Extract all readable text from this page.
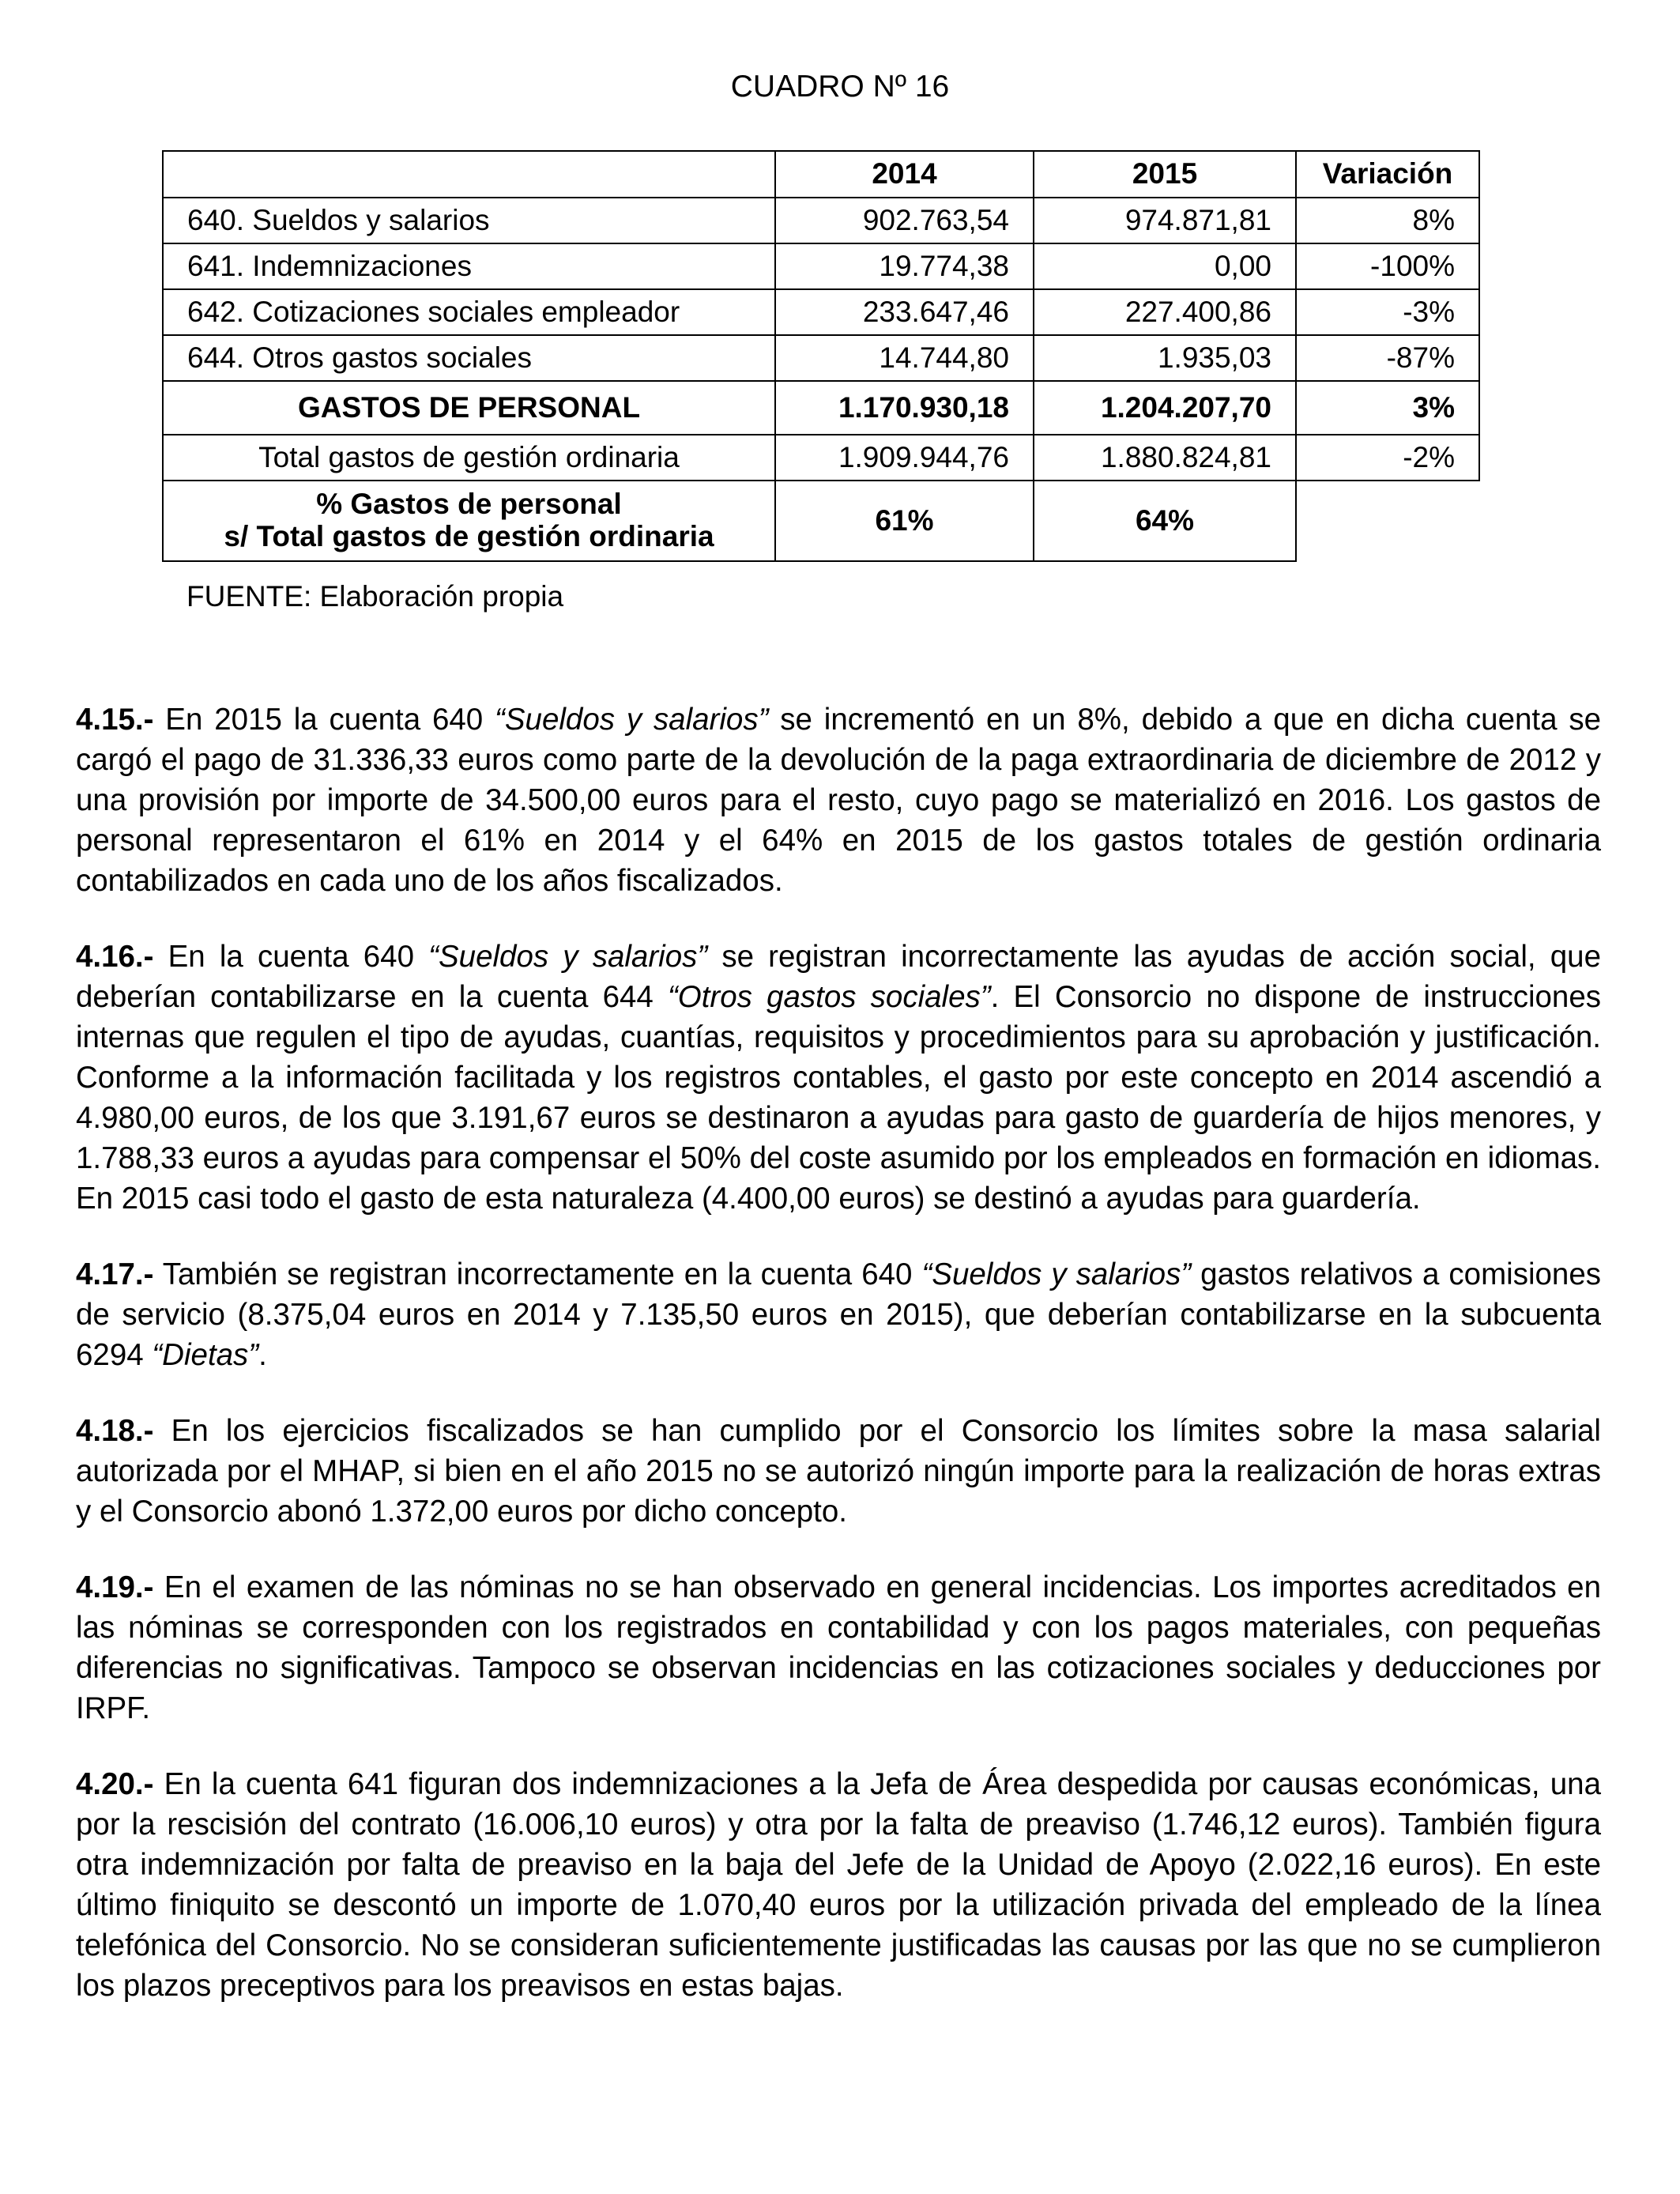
CUADRO Nº 16
	2014	2015	Variación
640. Sueldos y salarios	902.763,54	974.871,81	8%
641. Indemnizaciones	19.774,38	0,00	-100%
642. Cotizaciones sociales empleador	233.647,46	227.400,86	-3%
644. Otros gastos sociales	14.744,80	1.935,03	-87%
GASTOS DE PERSONAL	1.170.930,18	1.204.207,70	3%
Total gastos de gestión ordinaria	1.909.944,76	1.880.824,81	-2%

% Gastos de personal
s/ Total gastos de gestión ordinaria	61%	64%	
FUENTE: Elaboración propia

4.15.- En 2015 la cuenta 640 “Sueldos y salarios” se incrementó en un 8%, debido a que en dicha cuenta se cargó el pago de 31.336,33 euros como parte de la devolución de la paga extraordinaria de diciembre de 2012 y una provisión por importe de 34.500,00 euros para el resto, cuyo pago se materializó en 2016. Los gastos de personal representaron el 61% en 2014 y el 64% en 2015 de los gastos totales de gestión ordinaria contabilizados en cada uno de los años fiscalizados.

4.16.- En la cuenta 640 “Sueldos y salarios” se registran incorrectamente las ayudas de acción social, que deberían contabilizarse en la cuenta 644 “Otros gastos sociales”. El Consorcio no dispone de instrucciones internas que regulen el tipo de ayudas, cuantías, requisitos y procedimientos para su aprobación y justificación. Conforme a la información facilitada y los registros contables, el gasto por este concepto en 2014 ascendió a 4.980,00 euros, de los que 3.191,67 euros se destinaron a ayudas para gasto de guardería de hijos menores, y 1.788,33 euros a ayudas para compensar el 50% del coste asumido por los empleados en formación en idiomas. En 2015 casi todo el gasto de esta naturaleza (4.400,00 euros) se destinó a ayudas para guardería.

4.17.- También se registran incorrectamente en la cuenta 640 “Sueldos y salarios” gastos relativos a comisiones de servicio (8.375,04 euros en 2014 y 7.135,50 euros en 2015), que deberían contabilizarse en la subcuenta 6294 “Dietas”.

4.18.- En los ejercicios fiscalizados se han cumplido por el Consorcio los límites sobre la masa salarial autorizada por el MHAP, si bien en el año 2015 no se autorizó ningún importe para la realización de horas extras y el Consorcio abonó 1.372,00 euros por dicho concepto.

4.19.- En el examen de las nóminas no se han observado en general incidencias. Los importes acreditados en las nóminas se corresponden con los registrados en contabilidad y con los pagos materiales, con pequeñas diferencias no significativas. Tampoco se observan incidencias en las cotizaciones sociales y deducciones por IRPF.

4.20.- En la cuenta 641 figuran dos indemnizaciones a la Jefa de Área despedida por causas económicas, una por la rescisión del contrato (16.006,10 euros) y otra por la falta de preaviso (1.746,12 euros). También figura otra indemnización por falta de preaviso en la baja del Jefe de la Unidad de Apoyo (2.022,16 euros). En este último finiquito se descontó un importe de 1.070,40 euros por la utilización privada del empleado de la línea telefónica del Consorcio. No se consideran suficientemente justificadas las causas por las que no se cumplieron los plazos preceptivos para los preavisos en estas bajas.
